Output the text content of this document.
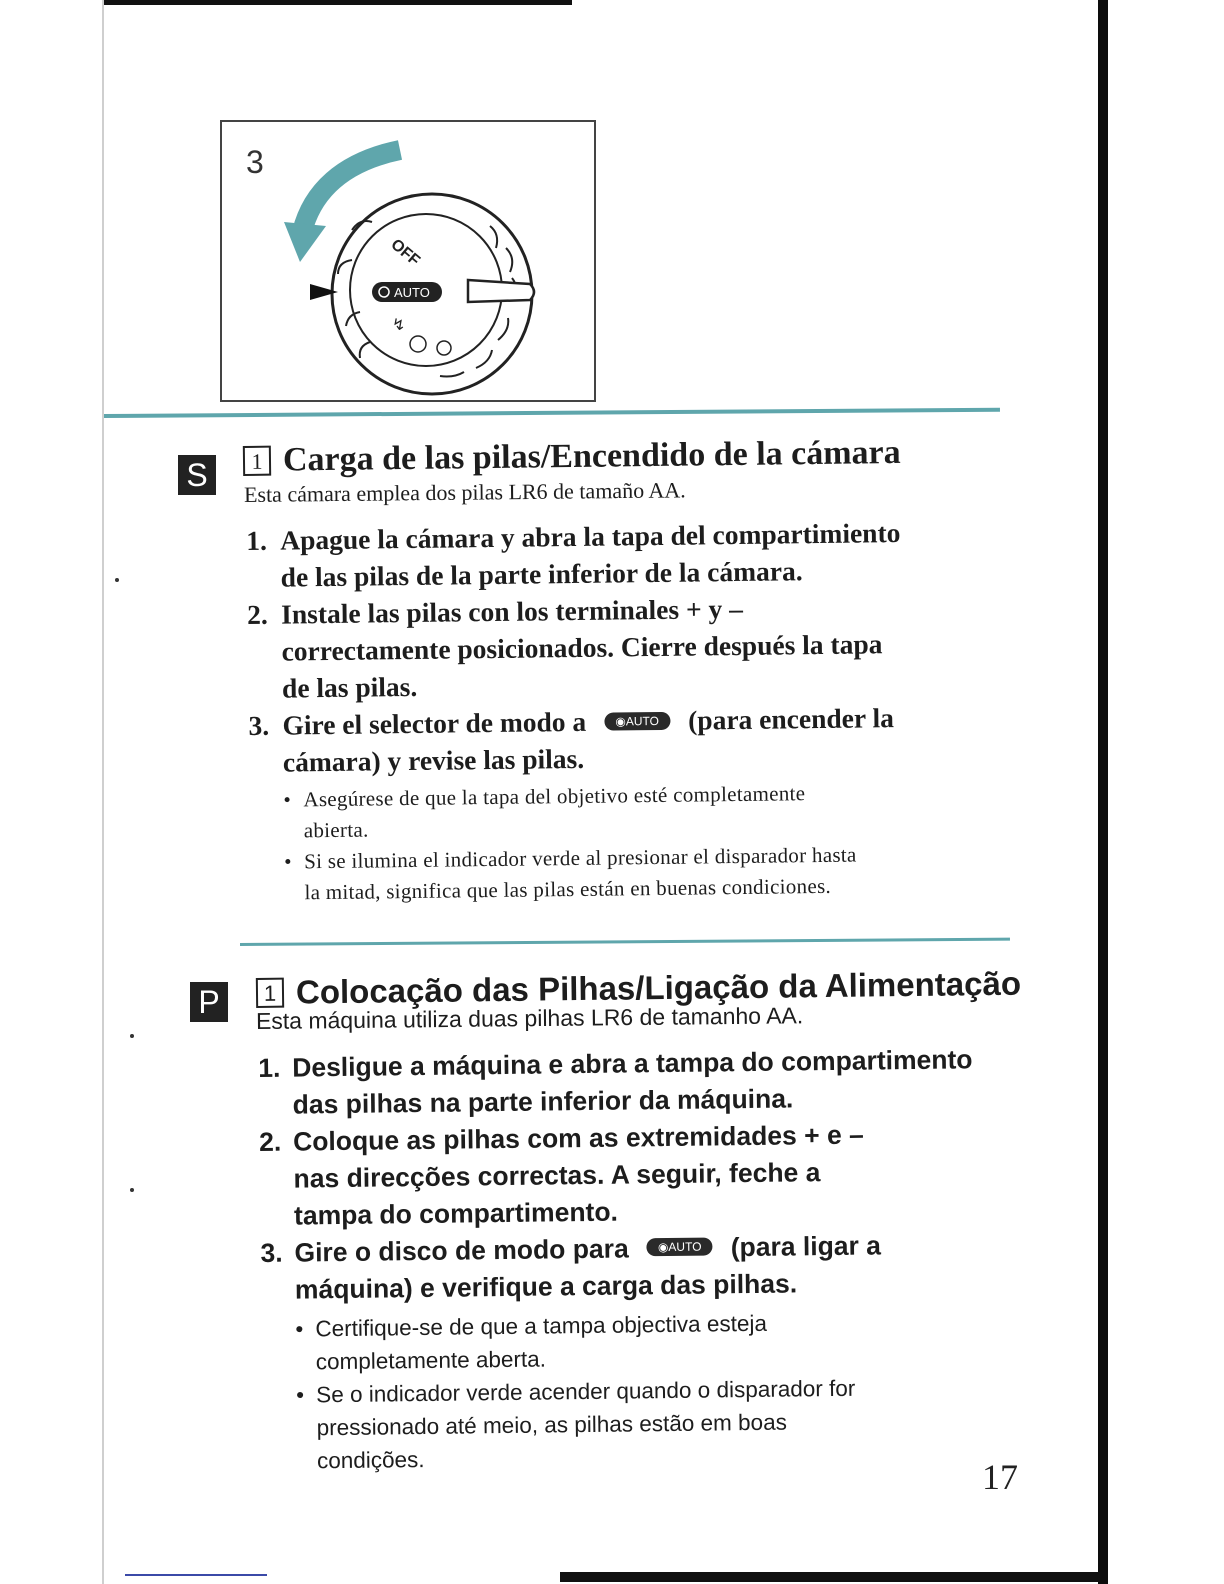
OFF
AUTO
↯
3
S	1 Carga de las pilas/Encendido de la cámara
Esta cámara emplea dos pilas LR6 de tamaño AA.
1. Apague la cámara y abra la tapa del compartimiento
de las pilas de la parte inferior de la cámara.
2. Instale las pilas con los terminales + y –
correctamente posicionados. Cierre después la tapa
de las pilas.
3. Gire el selector de modo a ◉AUTO (para encender la
cámara) y revise las pilas.
• Asegúrese de que la tapa del objetivo esté completamente
abierta.
• Si se ilumina el indicador verde al presionar el disparador hasta
la mitad, significa que las pilas están en buenas condiciones.
P	1 Colocação das Pilhas/Ligação da Alimentação
Esta máquina utiliza duas pilhas LR6 de tamanho AA.
1. Desligue a máquina e abra a tampa do compartimento
das pilhas na parte inferior da máquina.
2. Coloque as pilhas com as extremidades + e –
nas direcções correctas. A seguir, feche a
tampa do compartimento.
3. Gire o disco de modo para ◉AUTO (para ligar a
máquina) e verifique a carga das pilhas.
• Certifique-se de que a tampa objectiva esteja
completamente aberta.
• Se o indicador verde acender quando o disparador for
pressionado até meio, as pilhas estão em boas
condições.	17
